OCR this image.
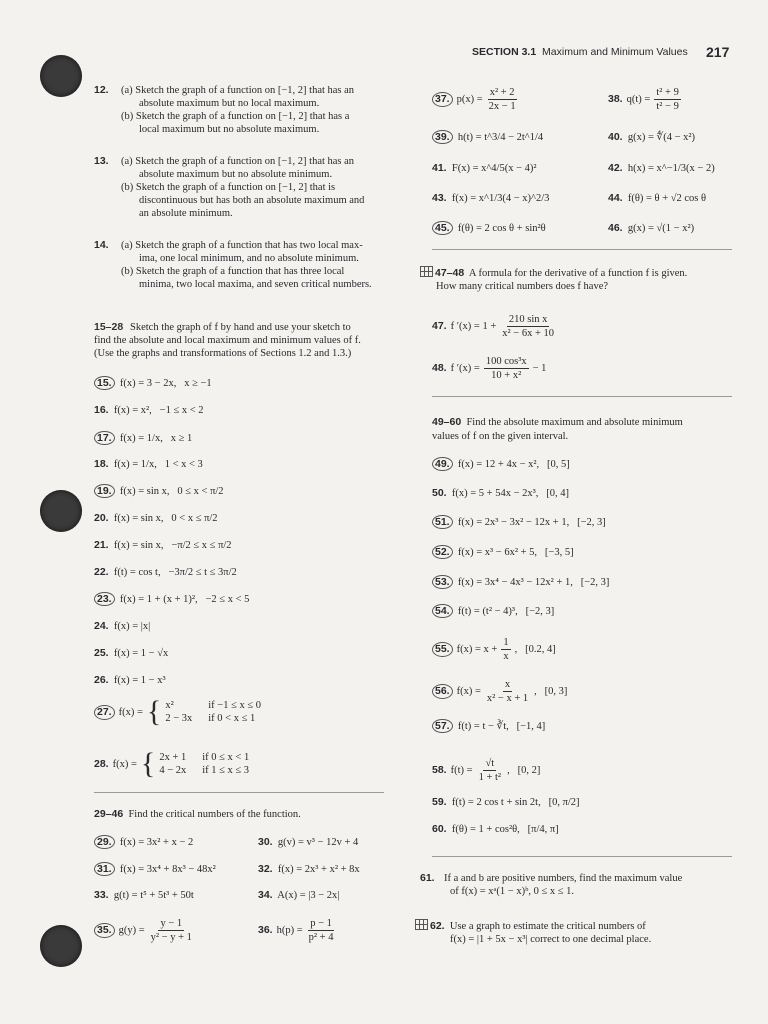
SECTION 3.1 Maximum and Minimum Values 217
12. (a) Sketch the graph of a function on [−1, 2] that has an
absolute maximum but no local maximum.
(b) Sketch the graph of a function on [−1, 2] that has a
local maximum but no absolute maximum.
13. (a) Sketch the graph of a function on [−1, 2] that has an
absolute maximum but no absolute minimum.
(b) Sketch the graph of a function on [−1, 2] that is
discontinuous but has both an absolute maximum and
an absolute minimum.
14. (a) Sketch the graph of a function that has two local max-
ima, one local minimum, and no absolute minimum.
(b) Sketch the graph of a function that has three local
minima, two local maxima, and seven critical numbers.
15–28 Sketch the graph of f by hand and use your sketch to
find the absolute and local maximum and minimum values of f.
(Use the graphs and transformations of Sections 1.2 and 1.3.)
15.  f(x) = 3 − 2x,   x ≥ −1
16.  f(x) = x²,   −1 ≤ x < 2
17.  f(x) = 1/x,   x ≥ 1
18.  f(x) = 1/x,   1 < x < 3
19.  f(x) = sin x,   0 ≤ x < π/2
20.  f(x) = sin x,   0 < x ≤ π/2
21.  f(x) = sin x,   −π/2 ≤ x ≤ π/2
22.  f(t) = cos t,   −3π/2 ≤ t ≤ 3π/2
23.  f(x) = 1 + (x + 1)²,   −2 ≤ x < 5
24.  f(x) = |x|
25.  f(x) = 1 − √x
26.  f(x) = 1 − x³
27. f(x) = { x²	if −1 ≤ x ≤ 0
2 − 3x if 0 < x ≤ 1
28. f(x) = { 2x + 1 if 0 ≤ x < 1
4 − 2x if 1 ≤ x ≤ 3
29–46  Find the critical numbers of the function.
29.  f(x) = 3x² + x − 2	30.  g(v) = v³ − 12v + 4
31.  f(x) = 3x⁴ + 8x³ − 48x²	32.  f(x) = 2x³ + x² + 8x
33.  g(t) = t⁵ + 5t³ + 50t	34.  A(x) = |3 − 2x|
35. $g(y) = \frac{y - 1}{\text{y² − y + 1}}$	36. $h(p) = \frac{p - 1}{\text{p² + 4}}$
37. $p(x) = \frac{\text{x² + 2}}{2x - 1}$	38. $q(t) = \frac{\text{t² + 9}}{\text{t² − 9}}$
39.  h(t) = t^3/4 − 2t^1/4	40.  g(x) = ∜(4 − x²)
41.  F(x) = x^4/5(x − 4)²	42.  h(x) = x^−1/3(x − 2)
43.  f(x) = x^1/3(4 − x)^2/3	44.  f(θ) = θ + √2 cos θ
45.  f(θ) = 2 cos θ + sin²θ	46.  g(x) = √(1 − x²)
47–48  A formula for the derivative of a function f is given.
How many critical numbers does f have?
47. f $'(x) = 1 + \frac{\text{210 sin x}}{\text{x² − 6x + 10}}$
48. f $'(x) = \frac{\text{100 cos³x}}{\text{10 + x²}} - 1$
49–60  Find the absolute maximum and absolute minimum
values of f on the given interval.
49.  f(x) = 12 + 4x − x²,   [0, 5]
50.  f(x) = 5 + 54x − 2x³,   [0, 4]
51.  f(x) = 2x³ − 3x² − 12x + 1,   [−2, 3]
52.  f(x) = x³ − 6x² + 5,   [−3, 5]
53.  f(x) = 3x⁴ − 4x³ − 12x² + 1,   [−2, 3]
54.  f(t) = (t² − 4)³,   [−2, 3]
55. $f(x) = x + \frac{1}{x}$ ,   [0.2, 4]
56. $f(x) = \frac{x}{\text{x² − x + 1}}$ ,   [0, 3]
57.  f(t) = t − ∛t,   [−1, 4]
58. $f(t) = \frac{√t}{\text{1 + t²}}$ ,   [0, 2]
59.  f(t) = 2 cos t + sin 2t,   [0, π/2]
60.  f(θ) = 1 + cos²θ,   [π/4, π]
61. If a and b are positive numbers, find the maximum value
of f(x) = xᵃ(1 − x)ᵇ, 0 ≤ x ≤ 1.
62.  Use a graph to estimate the critical numbers of
f(x) = |1 + 5x − x³| correct to one decimal place.
